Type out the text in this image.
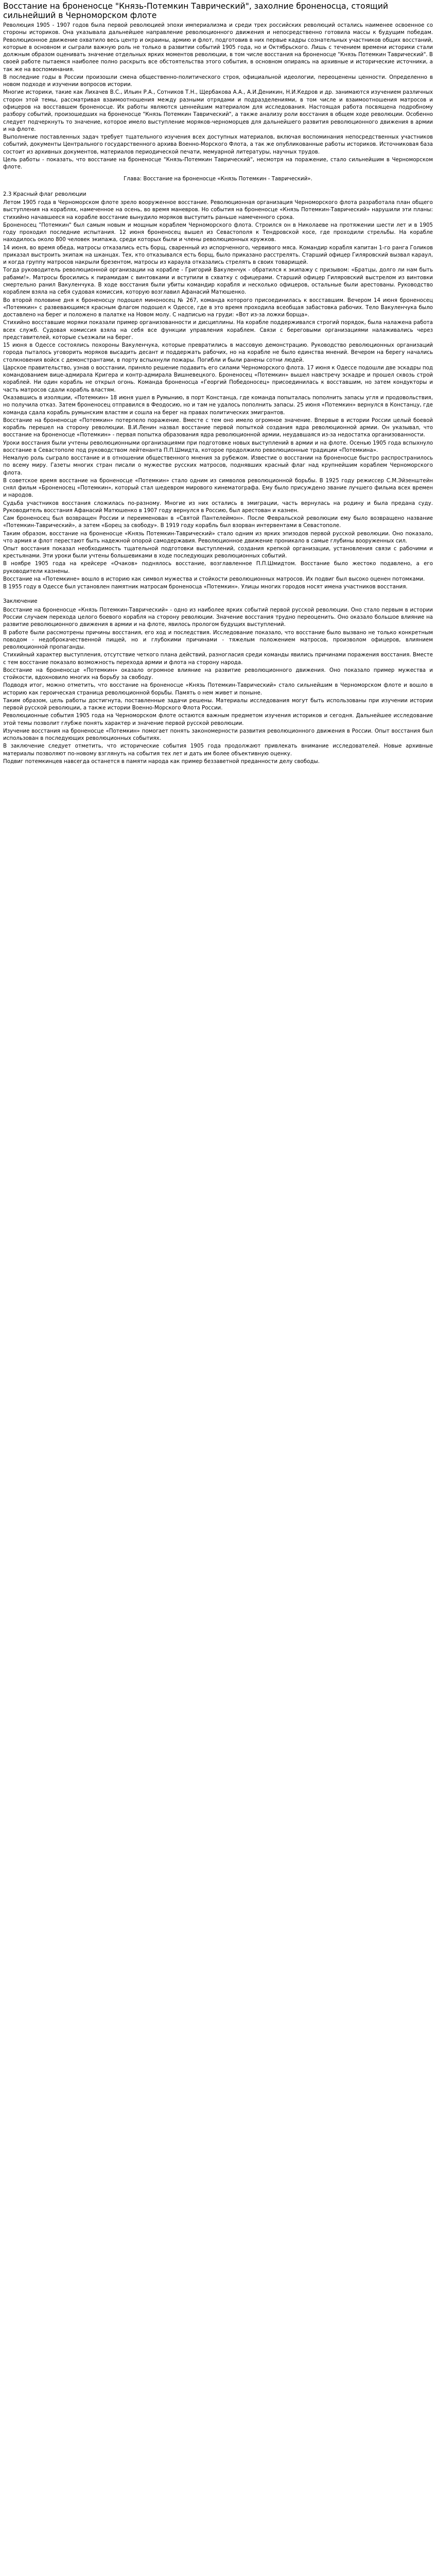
Восстание на броненосце "Князь-Потемкин Таврический", захолние броненосца, стоящий сильнейший в Черноморском флоте

Революция 1905 - 1907 годов была первой революцией эпохи империализма и среди трех российских революций остались наименее освоенное со стороны историков. Она указывала дальнейшее направление революционного движения и непосредственно готовила массы к будущим победам. Революционное движение охватило весь центр и окраины, армию и флот, подготовив в них первые кадры сознательных участников общих восстаний, которые в основном и сыграли важную роль не только в развитии событий 1905 года, но и Октябрьского. Лишь с течением времени историки стали должным образом оценивать значение отдельных ярких моментов революции, в том числе восстания на броненосце "Князь Потемкин Таврический". В своей работе пытаемся наиболее полно раскрыть все обстоятельства этого события, в основном опираясь на архивные и исторические источники, а так же на воспоминания.

В последние годы в России произошли смена общественно-политического строя, официальной идеологии, переоценены ценности. Определенно в новом подходе и изучении вопросов истории.

Многие историки, такие как Лихачев В.С., Ильин Р.А., Сотников Т.Н., Щербакова А.А., А.И.Деникин, Н.И.Кедров и др. занимаются изучением различных сторон этой темы, рассматривая взаимоотношения между разными отрядами и подразделениями, в том числе и взаимоотношения матросов и офицеров на восставшем броненосце. Их работы являются ценнейшим материалом для исследования. Настоящая работа посвящена подробному разбору событий, произошедших на броненосце "Князь Потемкин Таврический", а также анализу роли восстания в общем ходе революции. Особенно следует подчеркнуть то значение, которое имело выступление моряков-черноморцев для дальнейшего развития революционного движения в армии и на флоте.

Выполнение поставленных задач требует тщательного изучения всех доступных материалов, включая воспоминания непосредственных участников событий, документы Центрального государственного архива Военно-Морского Флота, а так же опубликованные работы историков. Источниковая база состоит из архивных документов, материалов периодической печати, мемуарной литературы, научных трудов.

Цель работы - показать, что восстание на броненосце "Князь-Потемкин Таврический", несмотря на поражение, стало сильнейшим в Черноморском флоте.

Глава: Восстание на броненосце «Князь Потемкин - Таврический».

2.3 Красный флаг революции

Летом 1905 года в Черноморском флоте зрело вооруженное восстание. Революционная организация Черноморского флота разработала план общего выступления на кораблях, намеченное на осень, во время маневров. Но события на броненосце «Князь Потемкин-Таврический» нарушили эти планы: стихийно начавшееся на корабле восстание вынудило моряков выступить раньше намеченного срока.

Броненосец "Потемкин" был самым новым и мощным кораблем Черноморского флота. Строился он в Николаеве на протяжении шести лет и в 1905 году проходил последние испытания. 12 июня броненосец вышел из Севастополя к Тендровской косе, где проходили стрельбы. На корабле находилось около 800 человек экипажа, среди которых были и члены революционных кружков.

14 июня, во время обеда, матросы отказались есть борщ, сваренный из испорченного, червивого мяса. Командир корабля капитан 1-го ранга Голиков приказал выстроить экипаж на шканцах. Тех, кто отказывался есть борщ, было приказано расстрелять. Старший офицер Гиляровский вызвал караул, и когда группу матросов накрыли брезентом, матросы из караула отказались стрелять в своих товарищей.

Тогда руководитель революционной организации на корабле - Григорий Вакуленчук - обратился к экипажу с призывом: «Братцы, долго ли нам быть рабами!». Матросы бросились к пирамидам с винтовками и вступили в схватку с офицерами. Старший офицер Гиляровский выстрелом из винтовки смертельно ранил Вакуленчука. В ходе восстания были убиты командир корабля и несколько офицеров, остальные были арестованы. Руководство кораблем взяла на себя судовая комиссия, которую возглавил Афанасий Матюшенко.

Во второй половине дня к броненосцу подошел миноносец № 267, команда которого присоединилась к восставшим. Вечером 14 июня броненосец «Потемкин» с развевающимся красным флагом подошел к Одессе, где в это время проходила всеобщая забастовка рабочих. Тело Вакуленчука было доставлено на берег и положено в палатке на Новом молу. С надписью на груди: «Вот из-за ложки борща».

Стихийно восставшие моряки показали пример организованности и дисциплины. На корабле поддерживался строгий порядок, была налажена работа всех служб. Судовая комиссия взяла на себя все функции управления кораблем. Связи с береговыми организациями налаживались через представителей, которые съезжали на берег.

15 июня в Одессе состоялись похороны Вакуленчука, которые превратились в массовую демонстрацию. Руководство революционных организаций города пыталось уговорить моряков высадить десант и поддержать рабочих, но на корабле не было единства мнений. Вечером на берегу начались столкновения войск с демонстрантами, в порту вспыхнули пожары. Погибли и были ранены сотни людей.

Царское правительство, узнав о восстании, приняло решение подавить его силами Черноморского флота. 17 июня к Одессе подошли две эскадры под командованием вице-адмирала Кригера и контр-адмирала Вишневецкого. Броненосец «Потемкин» вышел навстречу эскадре и прошел сквозь строй кораблей. Ни один корабль не открыл огонь. Команда броненосца «Георгий Победоносец» присоединилась к восставшим, но затем кондукторы и часть матросов сдали корабль властям.

Оказавшись в изоляции, «Потемкин» 18 июня ушел в Румынию, в порт Констанца, где команда попыталась пополнить запасы угля и продовольствия, но получила отказ. Затем броненосец отправился в Феодосию, но и там не удалось пополнить запасы. 25 июня «Потемкин» вернулся в Констанцу, где команда сдала корабль румынским властям и сошла на берег на правах политических эмигрантов.

Восстание на броненосце «Потемкин» потерпело поражение. Вместе с тем оно имело огромное значение. Впервые в истории России целый боевой корабль перешел на сторону революции. В.И.Ленин назвал восстание первой попыткой создания ядра революционной армии. Он указывал, что восстание на броненосце «Потемкин» - первая попытка образования ядра революционной армии, неудавшаяся из-за недостатка организованности.

Уроки восстания были учтены революционными организациями при подготовке новых выступлений в армии и на флоте. Осенью 1905 года вспыхнуло восстание в Севастополе под руководством лейтенанта П.П.Шмидта, которое продолжило революционные традиции «Потемкина».

Немалую роль сыграло восстание и в отношении общественного мнения за рубежом. Известие о восстании на броненосце быстро распространилось по всему миру. Газеты многих стран писали о мужестве русских матросов, поднявших красный флаг над крупнейшим кораблем Черноморского флота.

В советское время восстание на броненосце «Потемкин» стало одним из символов революционной борьбы. В 1925 году режиссер С.М.Эйзенштейн снял фильм «Броненосец «Потемкин», который стал шедевром мирового кинематографа. Ему было присуждено звание лучшего фильма всех времен и народов.

Судьба участников восстания сложилась по-разному. Многие из них остались в эмиграции, часть вернулась на родину и была предана суду. Руководитель восстания Афанасий Матюшенко в 1907 году вернулся в Россию, был арестован и казнен.

Сам броненосец был возвращен России и переименован в «Святой Пантелеймон». После Февральской революции ему было возвращено название «Потемкин-Таврический», а затем «Борец за свободу». В 1919 году корабль был взорван интервентами в Севастополе.

Таким образом, восстание на броненосце «Князь Потемкин-Таврический» стало одним из ярких эпизодов первой русской революции. Оно показало, что армия и флот перестают быть надежной опорой самодержавия. Революционное движение проникало в самые глубины вооруженных сил.

Опыт восстания показал необходимость тщательной подготовки выступлений, создания крепкой организации, установления связи с рабочими и крестьянами. Эти уроки были учтены большевиками в ходе последующих революционных событий.

В ноябре 1905 года на крейсере «Очаков» поднялось восстание, возглавленное П.П.Шмидтом. Восстание было жестоко подавлено, а его руководители казнены.

Восстание на «Потемкине» вошло в историю как символ мужества и стойкости революционных матросов. Их подвиг был высоко оценен потомками.

В 1955 году в Одессе был установлен памятник матросам броненосца «Потемкин». Улицы многих городов носят имена участников восстания.

Заключение

Восстание на броненосце «Князь Потемкин-Таврический» - одно из наиболее ярких событий первой русской революции. Оно стало первым в истории России случаем перехода целого боевого корабля на сторону революции. Значение восстания трудно переоценить. Оно оказало большое влияние на развитие революционного движения в армии и на флоте, явилось прологом будущих выступлений.

В работе были рассмотрены причины восстания, его ход и последствия. Исследование показало, что восстание было вызвано не только конкретным поводом - недоброкачественной пищей, но и глубокими причинами - тяжелым положением матросов, произволом офицеров, влиянием революционной пропаганды.

Стихийный характер выступления, отсутствие четкого плана действий, разногласия среди команды явились причинами поражения восстания. Вместе с тем восстание показало возможность перехода армии и флота на сторону народа.

Восстание на броненосце «Потемкин» оказало огромное влияние на развитие революционного движения. Оно показало пример мужества и стойкости, вдохновило многих на борьбу за свободу.

Подводя итог, можно отметить, что восстание на броненосце «Князь Потемкин-Таврический» стало сильнейшим в Черноморском флоте и вошло в историю как героическая страница революционной борьбы. Память о нем живет и поныне.

Таким образом, цель работы достигнута, поставленные задачи решены. Материалы исследования могут быть использованы при изучении истории первой русской революции, а также истории Военно-Морского Флота России.

Революционные события 1905 года на Черноморском флоте остаются важным предметом изучения историков и сегодня. Дальнейшее исследование этой темы позволит глубже понять характер и значение первой русской революции.

Изучение восстания на броненосце «Потемкин» помогает понять закономерности развития революционного движения в России. Опыт восстания был использован в последующих революционных событиях.

В заключение следует отметить, что исторические события 1905 года продолжают привлекать внимание исследователей. Новые архивные материалы позволяют по-новому взглянуть на события тех лет и дать им более объективную оценку.

Подвиг потемкинцев навсегда останется в памяти народа как пример беззаветной преданности делу свободы.
